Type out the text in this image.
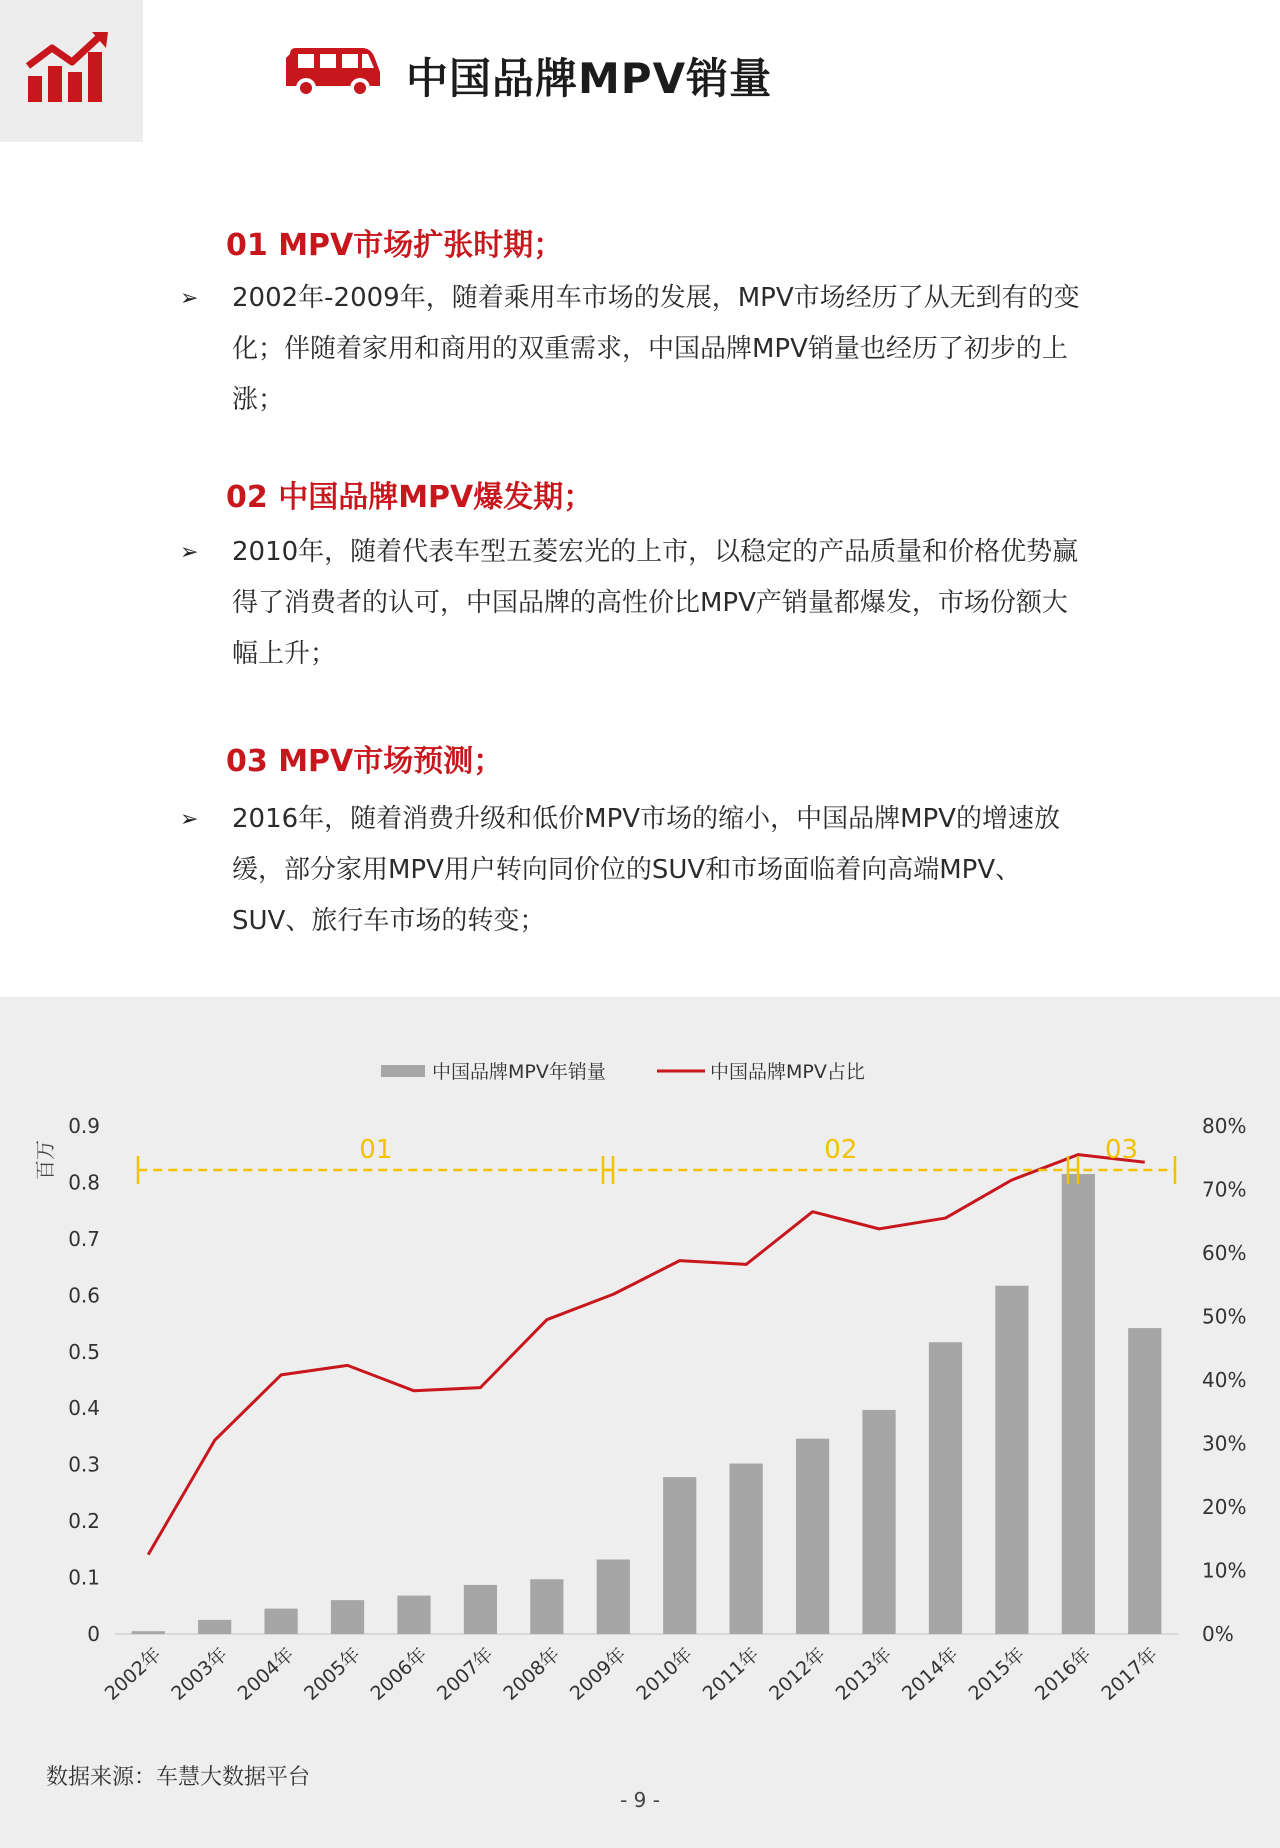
中国品牌MPV销量
01 MPV市场扩张时期；
➢ 2002年-2009年，随着乘用车市场的发展，MPV市场经历了从无到有的变化；伴随着家用和商用的双重需求，中国品牌MPV销量也经历了初步的上涨；
02 中国品牌MPV爆发期；
➢ 2010年，随着代表车型五菱宏光的上市，以稳定的产品质量和价格优势赢得了消费者的认可，中国品牌的高性价比MPV产销量都爆发，市场份额大幅上升；
03 MPV市场预测；
➢ 2016年，随着消费升级和低价MPV市场的缩小，中国品牌MPV的增速放缓，部分家用MPV用户转向同价位的SUV和市场面临着向高端MPV、SUV、旅行车市场的转变；
中国品牌MPV年销量	中国品牌MPV占比
百万
0
0.1
0.2
0.3
0.4
0.5
0.6
0.7
0.8
0.9
0%
10%
20%
30%
40%
50%
60%
70%
80%
2002年 2003年 2004年 2005年 2006年 2007年 2008年 2009年 2010年 2011年 2012年 2013年 2014年 2015年 2016年 2017年
01	02	03
数据来源：车慧大数据平台
- 9 -
